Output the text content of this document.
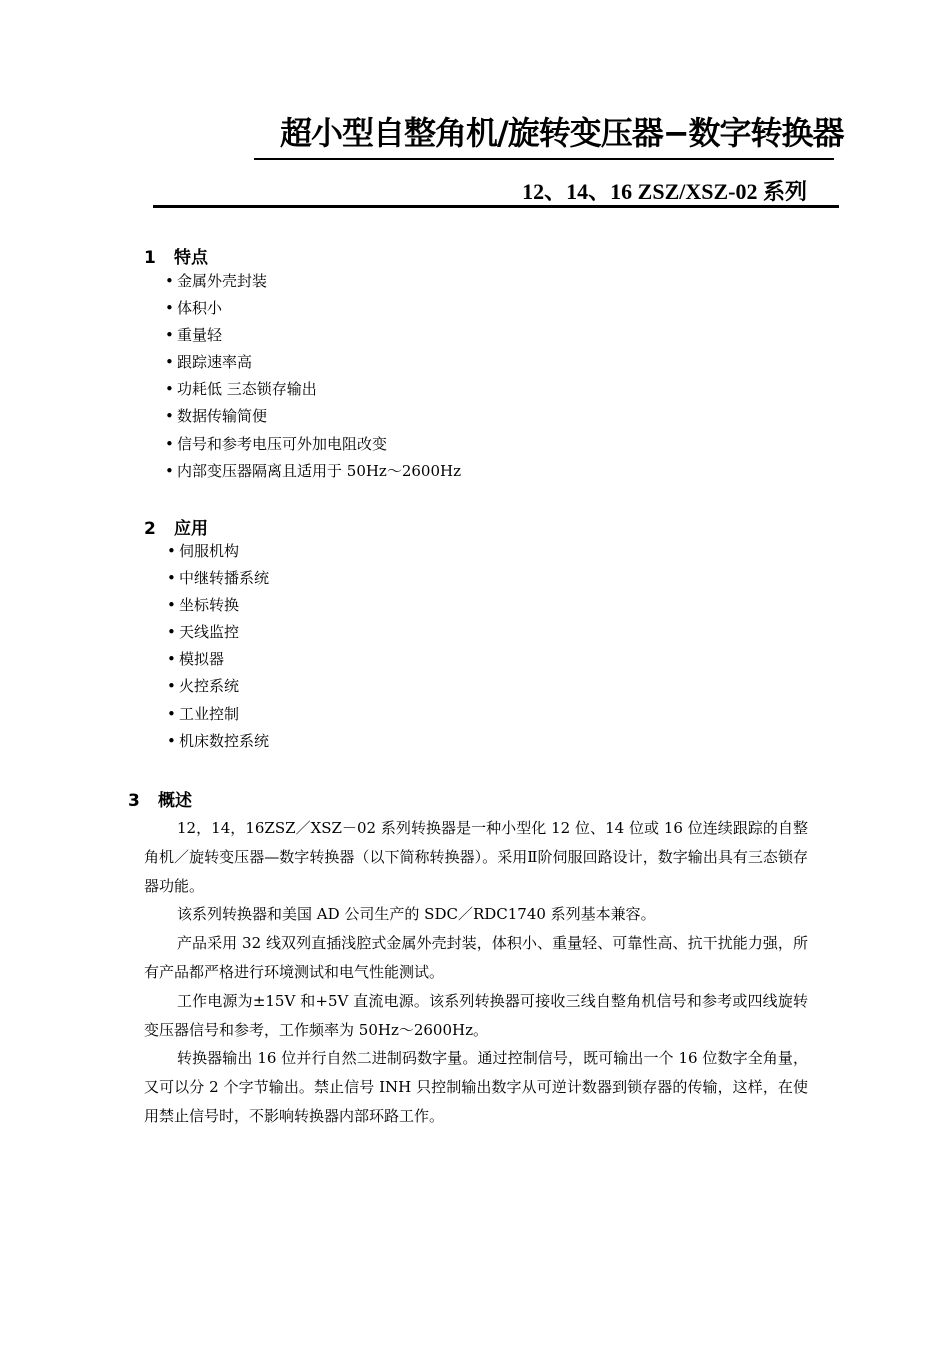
超小型自整角机/旋转变压器−数字转换器
12、14、16 ZSZ/XSZ-02 系列
1 特点
• 金属外壳封装
• 体积小
• 重量轻
• 跟踪速率高
• 功耗低 三态锁存输出
• 数据传输简便
• 信号和参考电压可外加电阻改变
• 内部变压器隔离且适用于 50Hz～2600Hz
2 应用
• 伺服机构
• 中继转播系统
• 坐标转换
• 天线监控
• 模拟器
• 火控系统
• 工业控制
• 机床数控系统
3 概述

12，14，16ZSZ／XSZ－02 系列转换器是一种小型化 12 位、14 位或 16 位连续跟踪的自整角机／旋转变压器—数字转换器（以下简称转换器）。采用Ⅱ阶伺服回路设计，数字输出具有三态锁存器功能。

该系列转换器和美国 AD 公司生产的 SDC／RDC1740 系列基本兼容。

产品采用 32 线双列直插浅腔式金属外壳封装，体积小、重量轻、可靠性高、抗干扰能力强，所有产品都严格进行环境测试和电气性能测试。

工作电源为±15V 和+5V 直流电源。该系列转换器可接收三线自整角机信号和参考或四线旋转变压器信号和参考，工作频率为 50Hz～2600Hz。

转换器输出 16 位并行自然二进制码数字量。通过控制信号，既可输出一个 16 位数字全角量，又可以分 2 个字节输出。禁止信号 INH 只控制输出数字从可逆计数器到锁存器的传输，这样，在使用禁止信号时，不影响转换器内部环路工作。
